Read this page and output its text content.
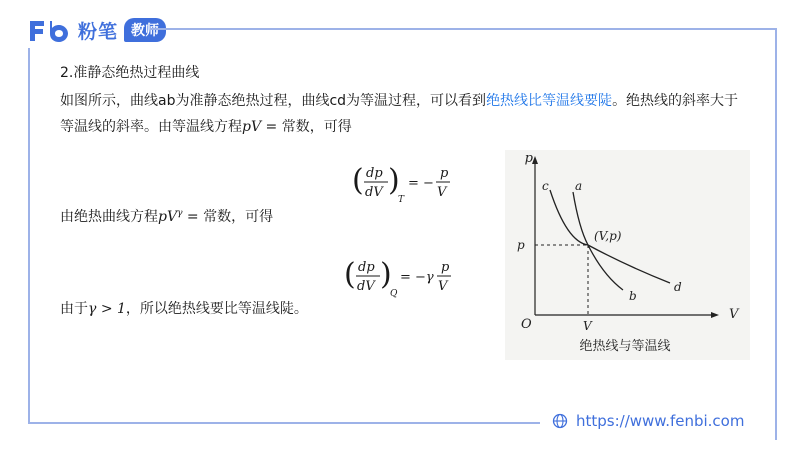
粉笔 教师
2.准静态绝热过程曲线
如图所示，曲线ab为准静态绝热过程，曲线cd为等温过程，可以看到绝热线比等温线要陡。绝热线的斜率大于等温线的斜率。由等温线方程pV = 常数，可得
( dp
dV )
T
= −
p
V
由绝热曲线方程$pV^\gamma$ = 常数，可得
( dp
dV )
Q
= −γ
p
V
由于γ > 1，所以绝热线要比等温线陡。
p
V
O
p
V
c a
b
d
(V,p)
绝热线与等温线
https://www.fenbi.com
